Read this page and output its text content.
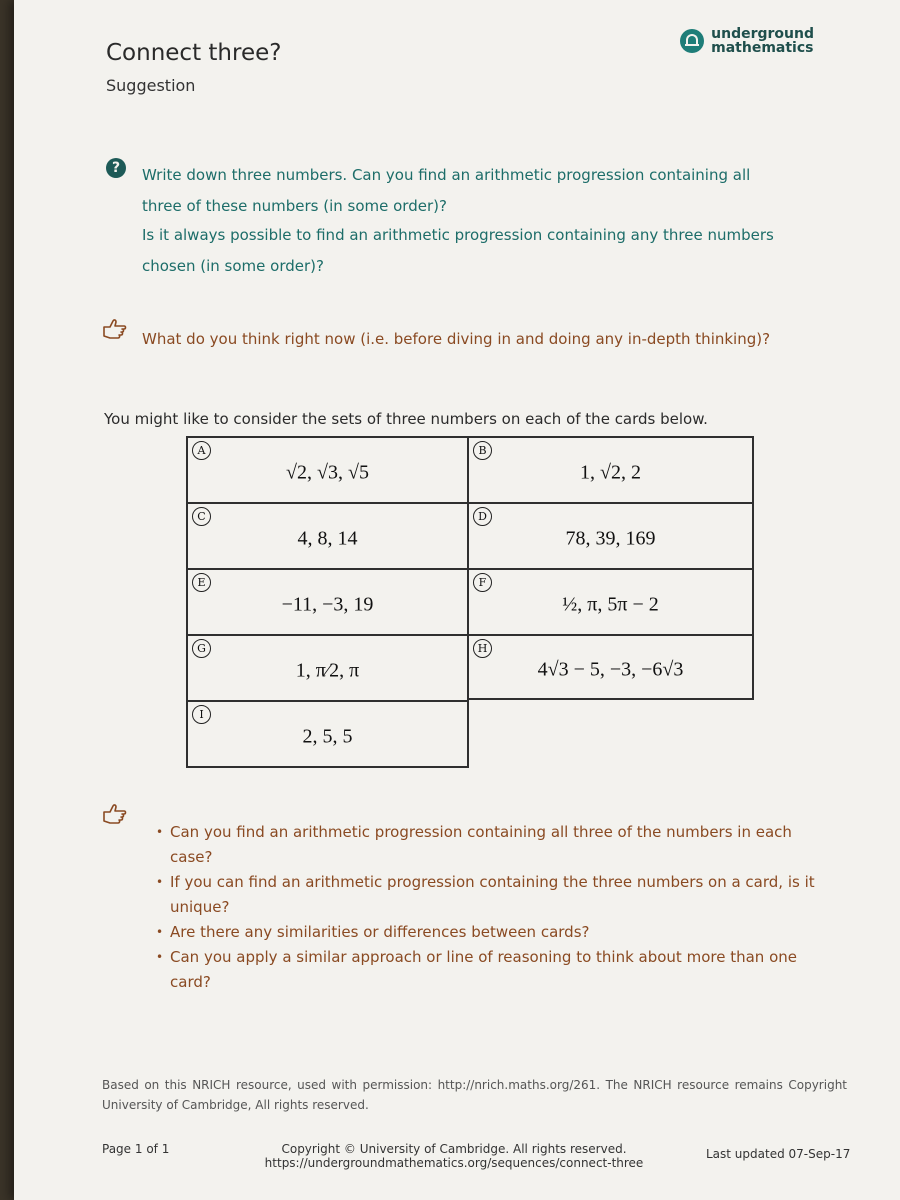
Connect three?
Suggestion
underground
mathematics
?	Write down three numbers. Can you find an arithmetic progression containing all
three of these numbers (in some order)?
Is it always possible to find an arithmetic progression containing any three numbers
chosen (in some order)?
What do you think right now (i.e. before diving in and doing any in-depth thinking)?
You might like to consider the sets of three numbers on each of the cards below.
A
√2, √3, √5
B
1, √2, 2
C
4, 8, 14
D
78, 39, 169
E
−11, −3, 19
F
½, π, 5π − 2
G
1, π⁄2, π
H
4√3 − 5, −3, −6√3
I
2, 5, 5
• Can you find an arithmetic progression containing all three of the numbers in each case?
• If you can find an arithmetic progression containing the three numbers on a card, is it unique?
• Are there any similarities or differences between cards?
• Can you apply a similar approach or line of reasoning to think about more than one card?
Based on this NRICH resource, used with permission: http://nrich.maths.org/261. The NRICH resource remains Copyright University of Cambridge, All rights reserved.
Page 1 of 1	Copyright © University of Cambridge. All rights reserved.
https://undergroundmathematics.org/sequences/connect-three
Last updated 07-Sep-17
